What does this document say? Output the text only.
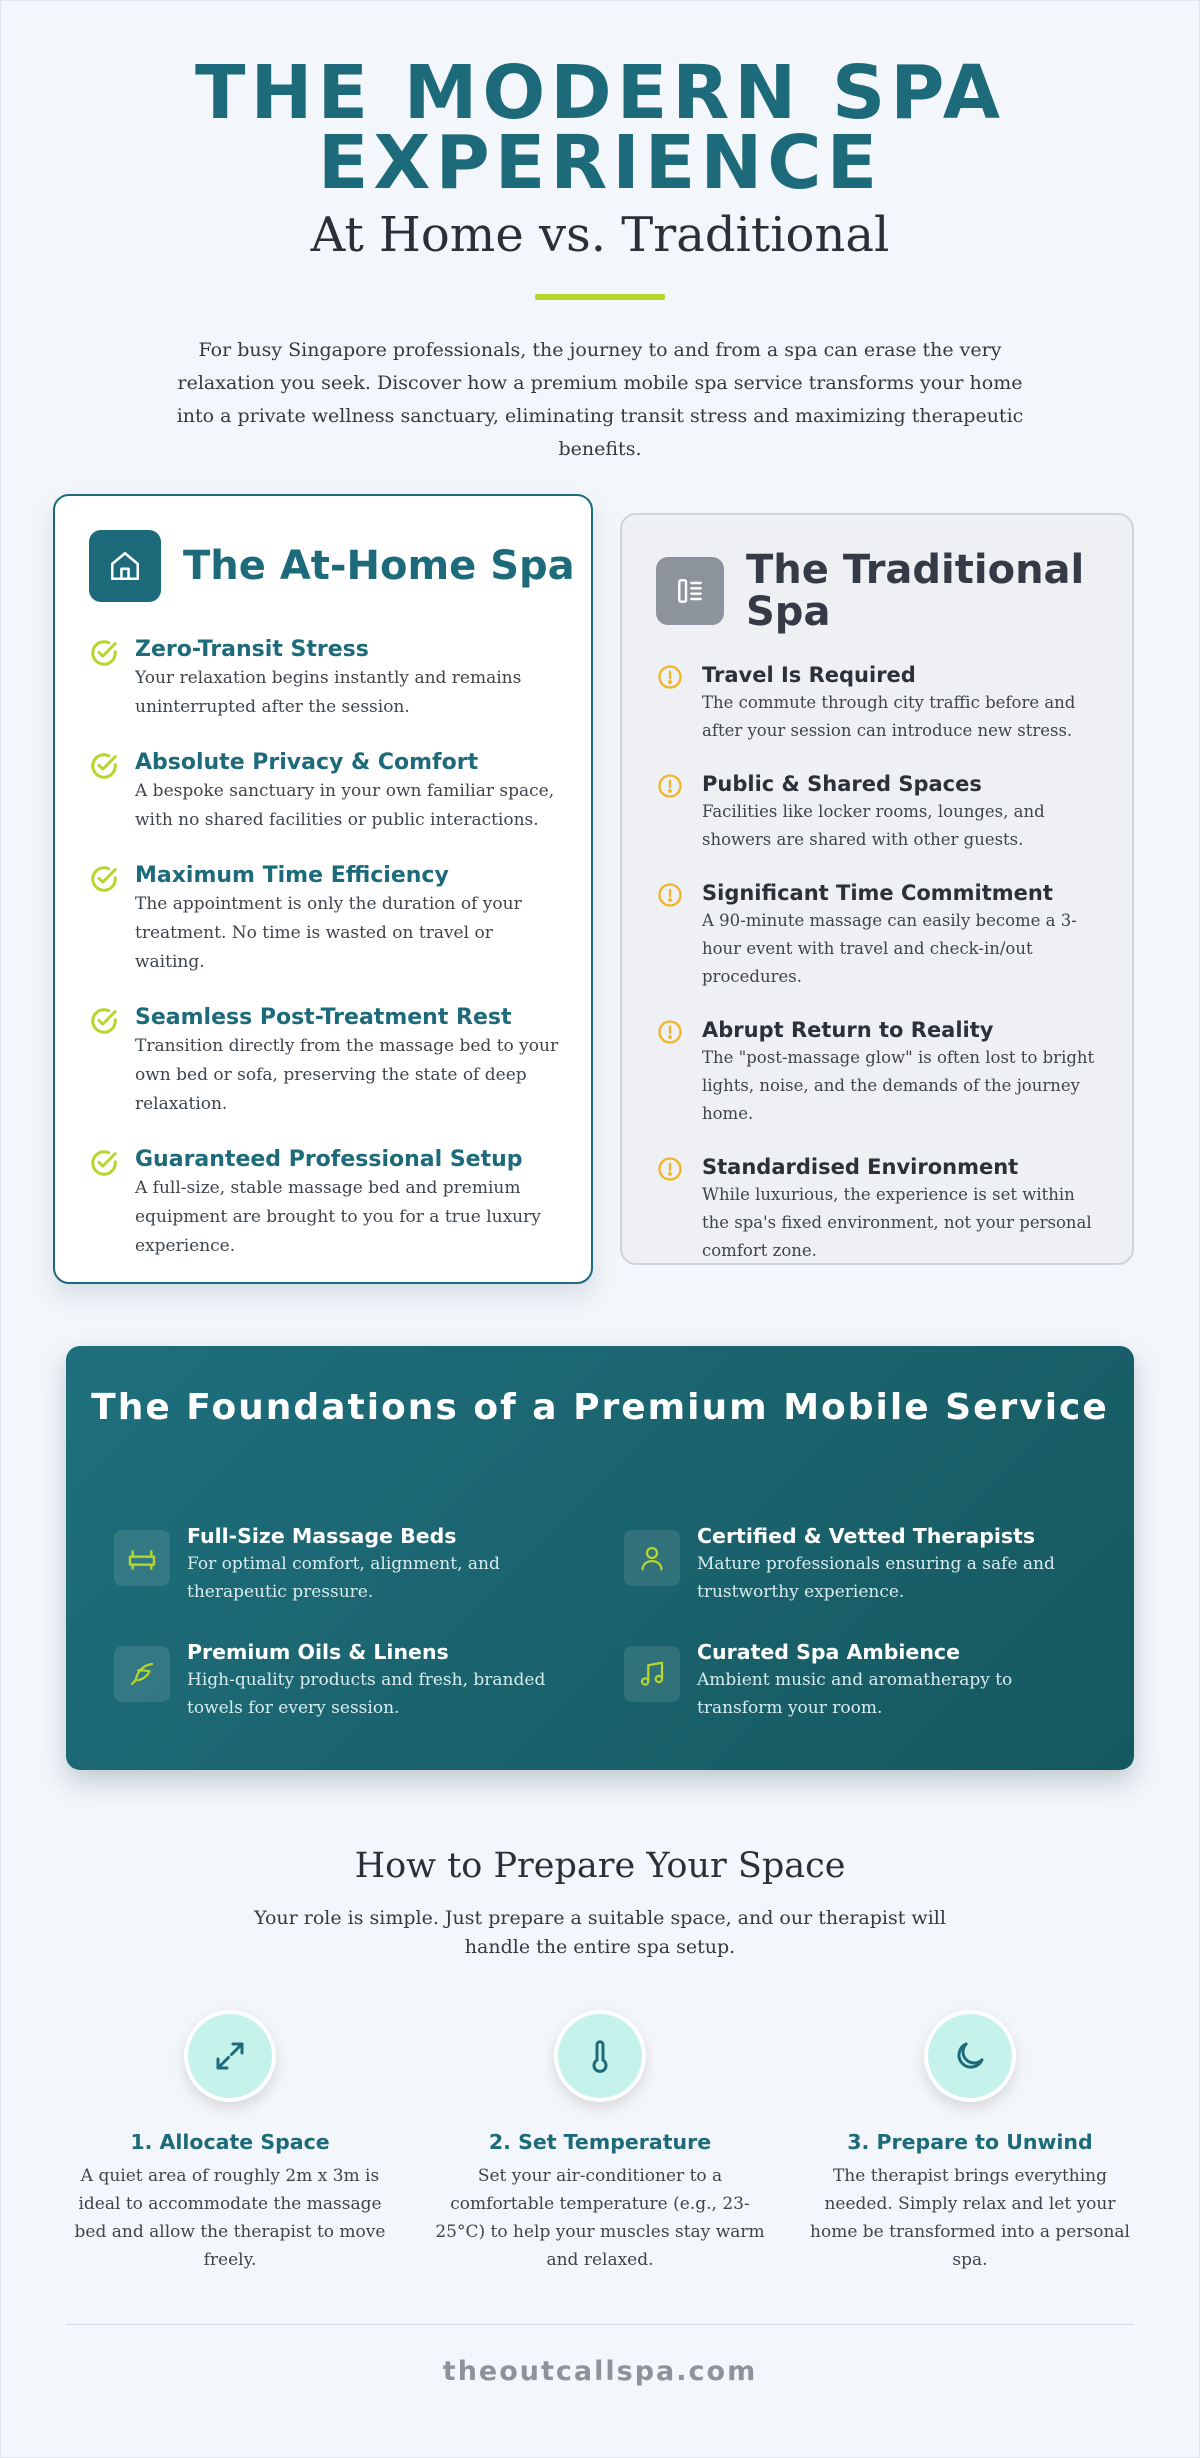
THE MODERN SPA EXPERIENCE
At Home vs. Traditional
For busy Singapore professionals, the journey to and from a spa can erase the very relaxation you seek. Discover how a premium mobile spa service transforms your home into a private wellness sanctuary, eliminating transit stress and maximizing therapeutic benefits.
The At-Home Spa
Zero-Transit Stress
Your relaxation begins instantly and remains uninterrupted after the session.
Absolute Privacy & Comfort
A bespoke sanctuary in your own familiar space, with no shared facilities or public interactions.
Maximum Time Efficiency
The appointment is only the duration of your treatment. No time is wasted on travel or waiting.
Seamless Post-Treatment Rest
Transition directly from the massage bed to your own bed or sofa, preserving the state of deep relaxation.
Guaranteed Professional Setup
A full-size, stable massage bed and premium equipment are brought to you for a true luxury experience.
The Traditional Spa
Travel Is Required
The commute through city traffic before and after your session can introduce new stress.
Public & Shared Spaces
Facilities like locker rooms, lounges, and showers are shared with other guests.
Significant Time Commitment
A 90-minute massage can easily become a 3-hour event with travel and check-in/out procedures.
Abrupt Return to Reality
The "post-massage glow" is often lost to bright lights, noise, and the demands of the journey home.
Standardised Environment
While luxurious, the experience is set within the spa's fixed environment, not your personal comfort zone.
The Foundations of a Premium Mobile Service
Full-Size Massage Beds
For optimal comfort, alignment, and therapeutic pressure.
Certified & Vetted Therapists
Mature professionals ensuring a safe and trustworthy experience.
Premium Oils & Linens
High-quality products and fresh, branded towels for every session.
Curated Spa Ambience
Ambient music and aromatherapy to transform your room.
How to Prepare Your Space
Your role is simple. Just prepare a suitable space, and our therapist will handle the entire spa setup.
1. Allocate Space
A quiet area of roughly 2m x 3m is ideal to accommodate the massage bed and allow the therapist to move freely.
2. Set Temperature
Set your air-conditioner to a comfortable temperature (e.g., 23-25°C) to help your muscles stay warm and relaxed.
3. Prepare to Unwind
The therapist brings everything needed. Simply relax and let your home be transformed into a personal spa.
theoutcallspa.com
